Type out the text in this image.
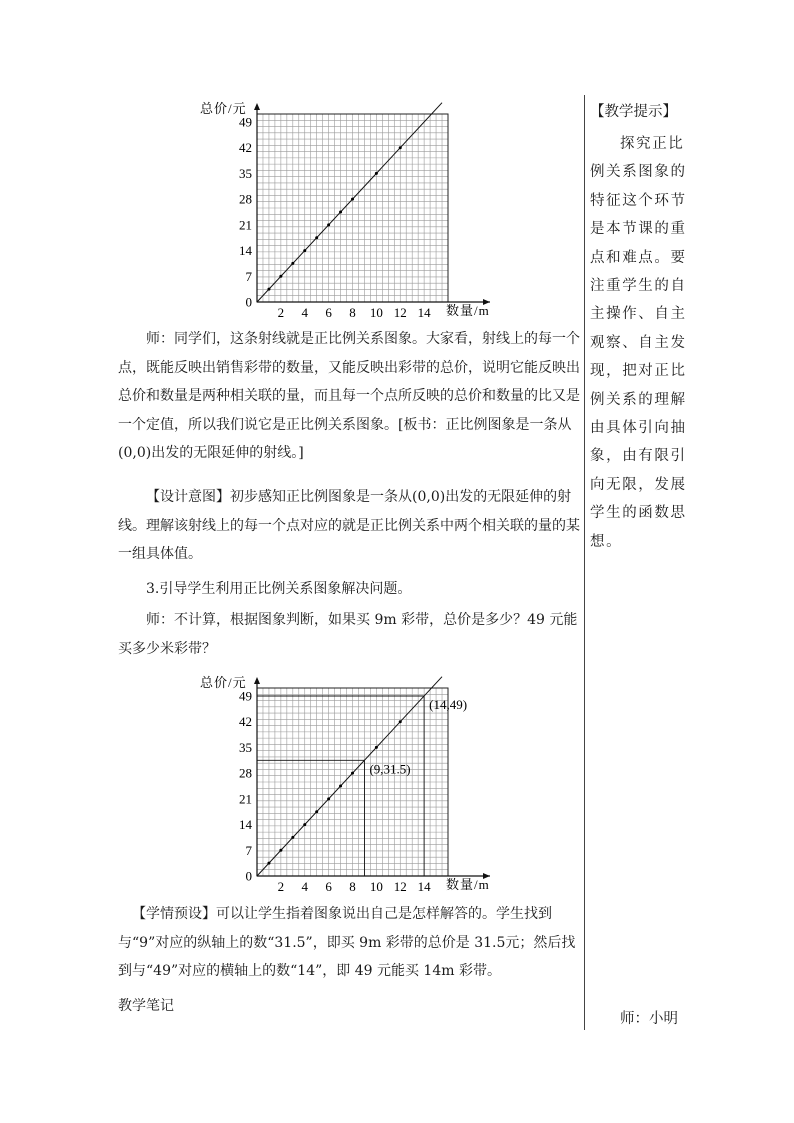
总价/元
数量/m
2 4 6 8 10 12 14
0
7
14
21
28
35
42
49
总价/元
数量/m
2 4 6 8 10 12 14
0
7
14
21
28
35
42
49
(14,49)
(9,31.5)

师：同学们，这条射线就是正比例关系图象。大家看，射线上的每一个点，既能反映出销售彩带的数量，又能反映出彩带的总价，说明它能反映出总价和数量是两种相关联的量，而且每一个点所反映的总价和数量的比又是一个定值，所以我们说它是正比例关系图象。[板书：正比例图象是一条从(0,0)出发的无限延伸的射线。]

【设计意图】初步感知正比例图象是一条从(0,0)出发的无限延伸的射线。理解该射线上的每一个点对应的就是正比例关系中两个相关联的量的某一组具体值。

3.引导学生利用正比例关系图象解决问题。

师：不计算，根据图象判断，如果买 9m 彩带，总价是多少？49 元能买多少米彩带？

【学情预设】可以让学生指着图象说出自己是怎样解答的。学生找到与“9”对应的纵轴上的数“31.5”，即买 9m 彩带的总价是 31.5元；然后找到与“49”对应的横轴上的数“14”，即 49 元能买 14m 彩带。

教学笔记
【教学提示】
探究正比例关系图象的特征这个环节是本节课的重点和难点。要注重学生的自主操作、自主观察、自主发现，把对正比例关系的理解由具体引向抽象，由有限引向无限，发展学生的函数思想。
师：小明
